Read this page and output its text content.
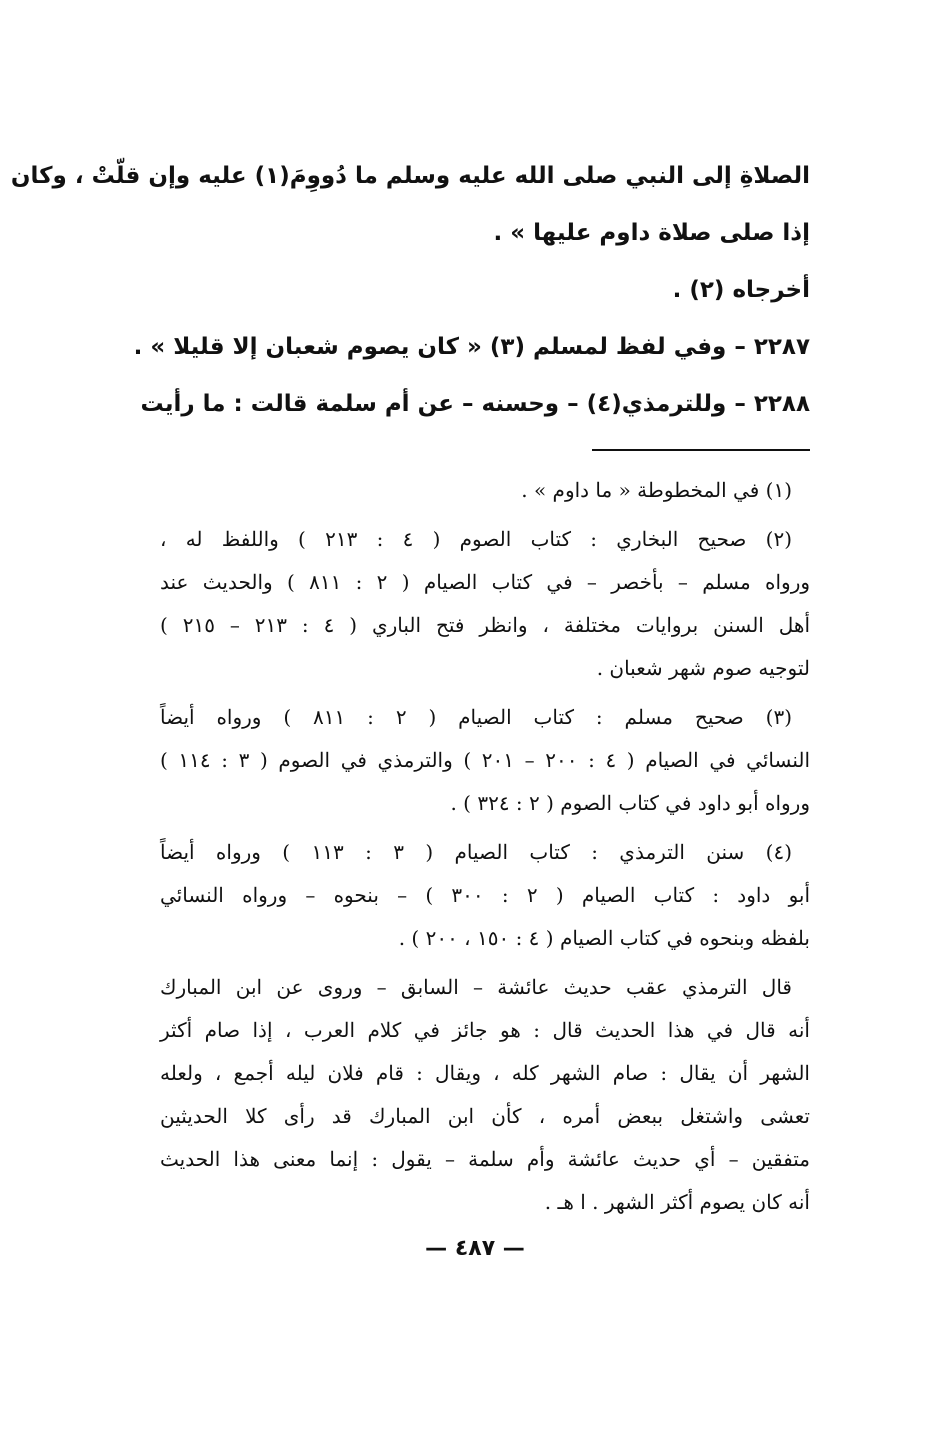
الصلاةِ إلى النبي صلى الله عليه وسلم ما دُووِمَ(١) عليه وإن قلّتْ ، وكان

إذا صلى صلاة داوم عليها » .

أخرجاه (٢) .

٢٢٨٧ – وفي لفظ لمسلم (٣) « كان يصوم شعبان إلا قليلا » .

٢٢٨٨ – وللترمذي(٤) – وحسنه – عن أم سلمة قالت : ما رأيت

(١) في المخطوطة « ما داوم » .

(٢) صحيح البخاري : كتاب الصوم ( ٤ : ٢١٣ ) واللفظ له ،

ورواه مسلم – بأخصر – في كتاب الصيام ( ٢ : ٨١١ ) والحديث عند

أهل السنن بروايات مختلفة ، وانظر فتح الباري ( ٤ : ٢١٣ – ٢١٥ )

لتوجيه صوم شهر شعبان .

(٣) صحيح مسلم : كتاب الصيام ( ٢ : ٨١١ ) ورواه أيضاً

النسائي في الصيام ( ٤ : ٢٠٠ – ٢٠١ ) والترمذي في الصوم ( ٣ : ١١٤ )

ورواه أبو داود في كتاب الصوم ( ٢ : ٣٢٤ ) .

(٤) سنن الترمذي : كتاب الصيام ( ٣ : ١١٣ ) ورواه أيضاً

أبو داود : كتاب الصيام ( ٢ : ٣٠٠ ) – بنحوه – ورواه النسائي

بلفظه وبنحوه في كتاب الصيام ( ٤ : ١٥٠ ، ٢٠٠ ) .

قال الترمذي عقب حديث عائشة – السابق – وروى عن ابن المبارك

أنه قال في هذا الحديث قال : هو جائز في كلام العرب ، إذا صام أكثر

الشهر أن يقال : صام الشهر كله ، ويقال : قام فلان ليله أجمع ، ولعله

تعشى واشتغل ببعض أمره ، كأن ابن المبارك قد رأى كلا الحديثين

متفقين – أي حديث عائشة وأم سلمة – يقول : إنما معنى هذا الحديث

أنه كان يصوم أكثر الشهر . ا هـ .

— ٤٨٧ —
